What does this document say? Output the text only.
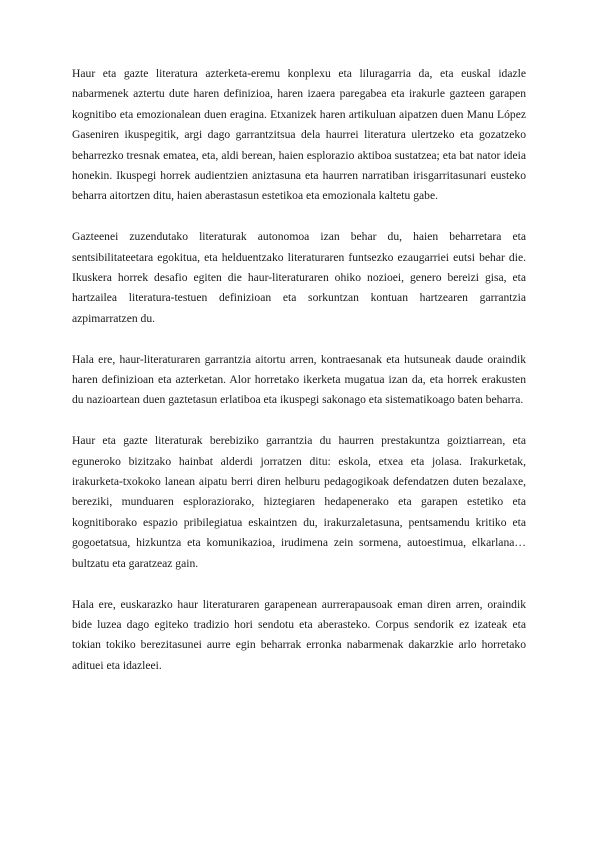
Haur eta gazte literatura azterketa-eremu konplexu eta liluragarria da, eta euskal idazle nabarmenek aztertu dute haren definizioa, haren izaera paregabea eta irakurle gazteen garapen kognitibo eta emozionalean duen eragina. Etxanizek haren artikuluan aipatzen duen Manu López Gaseniren ikuspegitik, argi dago garrantzitsua dela haurrei literatura ulertzeko eta gozatzeko beharrezko tresnak ematea, eta, aldi berean, haien esplorazio aktiboa sustatzea; eta bat nator ideia honekin. Ikuspegi horrek audientzien aniztasuna eta haurren narratiban irisgarritasunari eusteko beharra aitortzen ditu, haien aberastasun estetikoa eta emozionala kaltetu gabe.

Gazteenei zuzendutako literaturak autonomoa izan behar du, haien beharretara eta sentsibilitateetara egokitua, eta helduentzako literaturaren funtsezko ezaugarriei eutsi behar die. Ikuskera horrek desafio egiten die haur-literaturaren ohiko nozioei, genero bereizi gisa, eta hartzailea literatura-testuen definizioan eta sorkuntzan kontuan hartzearen garrantzia azpimarratzen du.

Hala ere, haur-literaturaren garrantzia aitortu arren, kontraesanak eta hutsuneak daude oraindik haren definizioan eta azterketan. Alor horretako ikerketa mugatua izan da, eta horrek erakusten du nazioartean duen gaztetasun erlatiboa eta ikuspegi sakonago eta sistematikoago baten beharra.

Haur eta gazte literaturak berebiziko garrantzia du haurren prestakuntza goiztiarrean, eta eguneroko bizitzako hainbat alderdi jorratzen ditu: eskola, etxea eta jolasa. Irakurketak, irakurketa-txokoko lanean aipatu berri diren helburu pedagogikoak defendatzen duten bezalaxe, bereziki, munduaren esploraziorako, hiztegiaren hedapenerako eta garapen estetiko eta kognitiborako espazio pribilegiatua eskaintzen du, irakurzaletasuna, pentsamendu kritiko eta gogoetatsua, hizkuntza eta komunikazioa, irudimena zein sormena, autoestimua, elkarlana… bultzatu eta garatzeaz gain.

Hala ere, euskarazko haur literaturaren garapenean aurrerapausoak eman diren arren, oraindik bide luzea dago egiteko tradizio hori sendotu eta aberasteko. Corpus sendorik ez izateak eta tokian tokiko berezitasunei aurre egin beharrak erronka nabarmenak dakarzkie arlo horretako adituei eta idazleei.
